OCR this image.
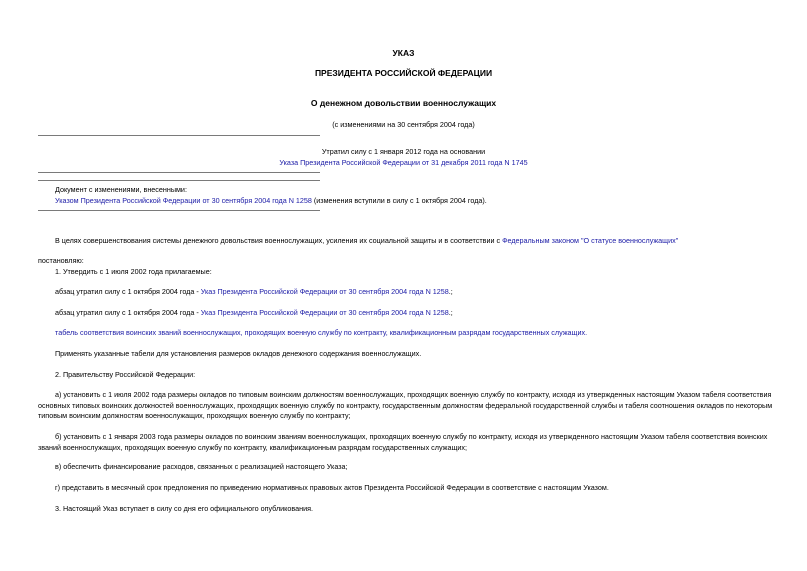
УКАЗ
ПРЕЗИДЕНТА РОССИЙСКОЙ ФЕДЕРАЦИИ
О денежном довольствии военнослужащих
(с изменениями на 30 сентября 2004 года)
Утратил силу с 1 января 2012 года на основании
Указа Президента Российской Федерации от 31 декабря 2011 года N 1745
Документ с изменениями, внесенными:
Указом Президента Российской Федерации от 30 сентября 2004 года N 1258 (изменения вступили в силу с 1 октября 2004 года).
В целях совершенствования системы денежного довольствия военнослужащих, усиления их социальной защиты и в соответствии с Федеральным законом "О статусе военнослужащих"
постановляю:
1. Утвердить с 1 июля 2002 года прилагаемые:
абзац утратил силу с 1 октября 2004 года - Указ Президента Российской Федерации от 30 сентября 2004 года N 1258.;
абзац утратил силу с 1 октября 2004 года - Указ Президента Российской Федерации от 30 сентября 2004 года N 1258.;
табель соответствия воинских званий военнослужащих, проходящих военную службу по контракту, квалификационным разрядам государственных служащих.
Применять указанные табели для установления размеров окладов денежного содержания военнослужащих.
2. Правительству Российской Федерации:
а) установить с 1 июля 2002 года размеры окладов по типовым воинским должностям военнослужащих, проходящих военную службу по контракту, исходя из утвержденных настоящим Указом табеля соответствия
основных типовых воинских должностей военнослужащих, проходящих военную службу по контракту, государственным должностям федеральной государственной службы и табеля соотношения окладов по некоторым
типовым воинским должностям военнослужащих, проходящих военную службу по контракту;
б) установить с 1 января 2003 года размеры окладов по воинским званиям военнослужащих, проходящих военную службу по контракту, исходя из утвержденного настоящим Указом табеля соответствия воинских
званий военнослужащих, проходящих военную службу по контракту, квалификационным разрядам государственных служащих;
в) обеспечить финансирование расходов, связанных с реализацией настоящего Указа;
г) представить в месячный срок предложения по приведению нормативных правовых актов Президента Российской Федерации в соответствие с настоящим Указом.
3. Настоящий Указ вступает в силу со дня его официального опубликования.
